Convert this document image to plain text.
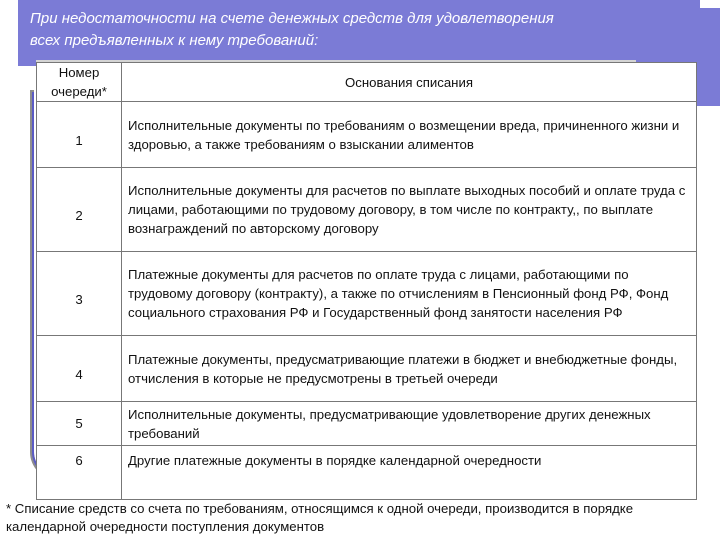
При недостаточности на счете денежных средств для удовлетворения
всех предъявленных к нему требований:
Номер очереди*	Основания списания

1	Исполнительные документы по требованиям о возмещении вреда, причиненного жизни и здоровью, а также требованиям о взыскании алиментов

2	Исполнительные документы для расчетов по выплате выходных пособий и оплате труда с лицами, работающими по трудовому договору, в том числе по контракту,, по выплате вознаграждений по авторскому договору

3	Платежные документы для расчетов по оплате труда с лицами, работающими по трудовому договору (контракту), а также по отчислениям в Пенсионный фонд РФ, Фонд социального страхования РФ и Государственный фонд занятости населения РФ

4	Платежные документы, предусматривающие платежи в бюджет и внебюджетные фонды, отчисления в которые не предусмотрены в третьей очереди
5	Исполнительные документы, предусматривающие удовлетворение других денежных требований
6	Другие платежные документы в порядке календарной очередности
* Списание средств со счета по требованиям, относящимся к одной очереди, производится в порядке календарной очередности поступления документов
